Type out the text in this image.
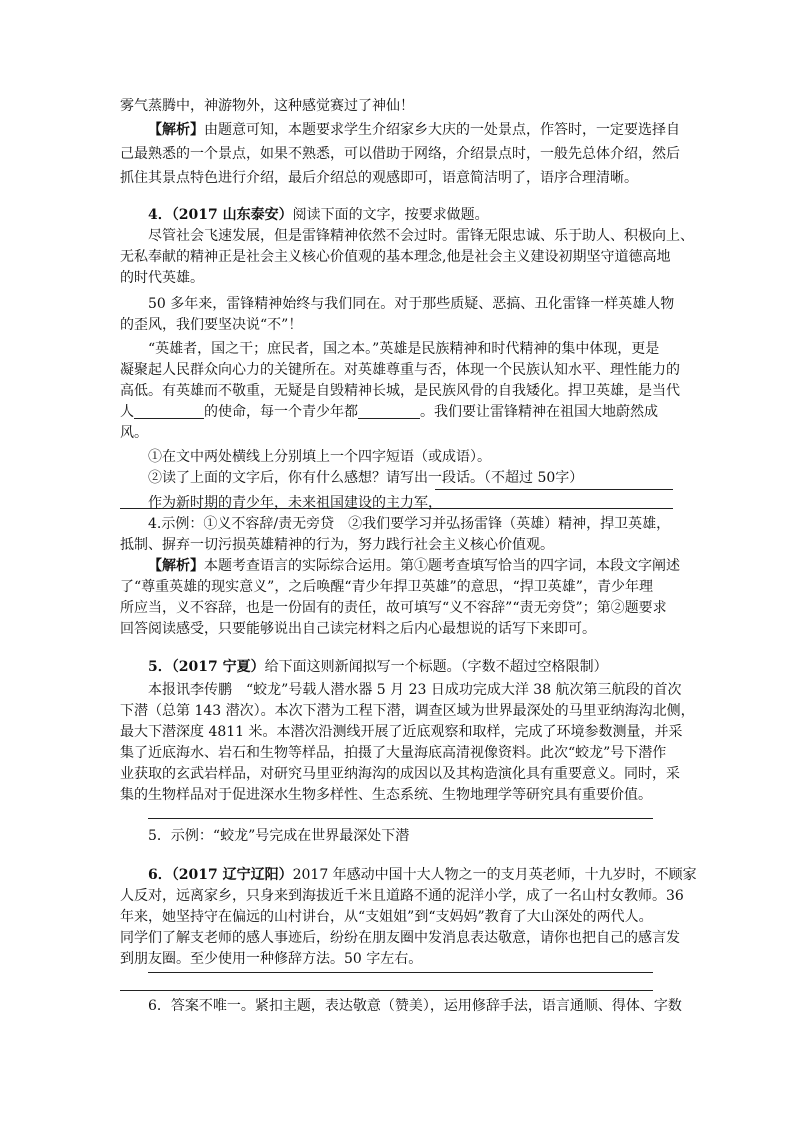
雾气蒸腾中，神游物外，这种感觉赛过了神仙！
【解析】由题意可知，本题要求学生介绍家乡大庆的一处景点，作答时，一定要选择自
己最熟悉的一个景点，如果不熟悉，可以借助于网络，介绍景点时，一般先总体介绍，然后
抓住其景点特色进行介绍，最后介绍总的观感即可，语意简洁明了，语序合理清晰。
4．（2017 山东泰安）阅读下面的文字，按要求做题。
尽管社会飞速发展，但是雷锋精神依然不会过时。雷锋无限忠诚、乐于助人、积极向上、
无私奉献的精神正是社会主义核心价值观的基本理念,他是社会主义建设初期坚守道德高地
的时代英雄。
50 多年来，雷锋精神始终与我们同在。对于那些质疑、恶搞、丑化雷锋一样英雄人物
的歪风，我们要坚决说“不”！
“英雄者，国之干；庶民者，国之本。”英雄是民族精神和时代精神的集中体现，更是
凝聚起人民群众向心力的关键所在。对英雄尊重与否，体现一个民族认知水平、理性能力的
高低。有英雄而不敬重，无疑是自毁精神长城，是民族风骨的自我矮化。捍卫英雄，是当代
人	的使命，每一个青少年都	。我们要让雷锋精神在祖国大地蔚然成
风。
①在文中两处横线上分别填上一个四字短语（或成语）。
②读了上面的文字后，你有什么感想？请写出一段话。（不超过 50字）
作为新时期的青少年，未来祖国建设的主力军，
4.示例：①义不容辞/责无旁贷　②我们要学习并弘扬雷锋（英雄）精神，捍卫英雄，
抵制、摒弃一切污损英雄精神的行为，努力践行社会主义核心价值观。
【解析】本题考查语言的实际综合运用。第①题考查填写恰当的四字词，本段文字阐述
了“尊重英雄的现实意义”，之后唤醒“青少年捍卫英雄”的意思，“捍卫英雄”，青少年理
所应当，义不容辞，也是一份固有的责任，故可填写“义不容辞”“责无旁贷”；第②题要求
回答阅读感受，只要能够说出自己读完材料之后内心最想说的话写下来即可。
5．（2017 宁夏）给下面这则新闻拟写一个标题。（字数不超过空格限制）
本报讯李传鹏　“蛟龙”号载人潜水器 5 月 23 日成功完成大洋 38 航次第三航段的首次
下潜（总第 143 潜次）。本次下潜为工程下潜，调查区域为世界最深处的马里亚纳海沟北侧，
最大下潜深度 4811 米。本潜次沿测线开展了近底观察和取样，完成了环境参数测量，并采
集了近底海水、岩石和生物等样品，拍摄了大量海底高清视像资料。此次“蛟龙”号下潜作
业获取的玄武岩样品，对研究马里亚纳海沟的成因以及其构造演化具有重要意义。同时，采
集的生物样品对于促进深水生物多样性、生态系统、生物地理学等研究具有重要价值。
5．示例：“蛟龙”号完成在世界最深处下潜
6．（2017 辽宁辽阳）2017 年感动中国十大人物之一的支月英老师，十九岁时，不顾家
人反对，远离家乡，只身来到海拔近千米且道路不通的泥洋小学，成了一名山村女教师。36
年来，她坚持守在偏远的山村讲台，从“支姐姐”到“支妈妈”教育了大山深处的两代人。
同学们了解支老师的感人事迹后，纷纷在朋友圈中发消息表达敬意，请你也把自己的感言发
到朋友圈。至少使用一种修辞方法。50 字左右。
6．答案不唯一。紧扣主题，表达敬意（赞美），运用修辞手法，语言通顺、得体、字数
